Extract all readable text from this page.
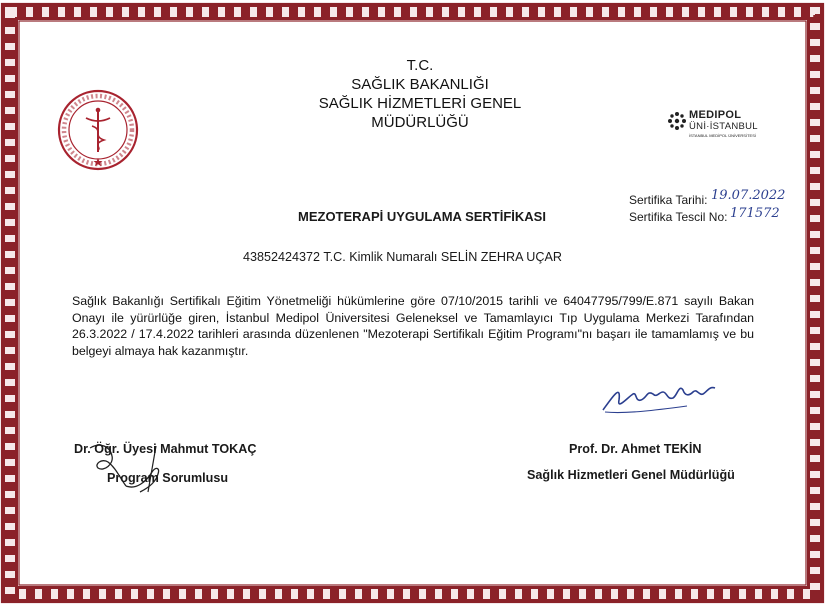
T.C.
SAĞLIK BAKANLIĞI
SAĞLIK HİZMETLERİ GENEL
MÜDÜRLÜĞÜ	MEDIPOL
ÜNİ·İSTANBUL
İSTANBUL MEDİPOL ÜNİVERSİTESİ
Sertifika Tarihi: 19.07.2022
Sertifika Tescil No: 171572
MEZOTERAPİ UYGULAMA SERTİFİKASI
43852424372 T.C. Kimlik Numaralı SELİN ZEHRA UÇAR
Sağlık Bakanlığı Sertifikalı Eğitim Yönetmeliği hükümlerine göre 07/10/2015 tarihli ve 64047795/799/E.871 sayılı Bakan Onayı ile yürürlüğe giren, İstanbul Medipol Üniversitesi Geleneksel ve Tamamlayıcı Tıp Uygulama Merkezi Tarafından 26.3.2022 / 17.4.2022 tarihleri arasında düzenlenen "Mezoterapi Sertifikalı Eğitim Programı"nı başarı ile tamamlamış ve bu belgeyi almaya hak kazanmıştır.
Dr. Öğr. Üyesi Mahmut TOKAÇ
Program Sorumlusu
Prof. Dr. Ahmet TEKİN
Sağlık Hizmetleri Genel Müdürlüğü
